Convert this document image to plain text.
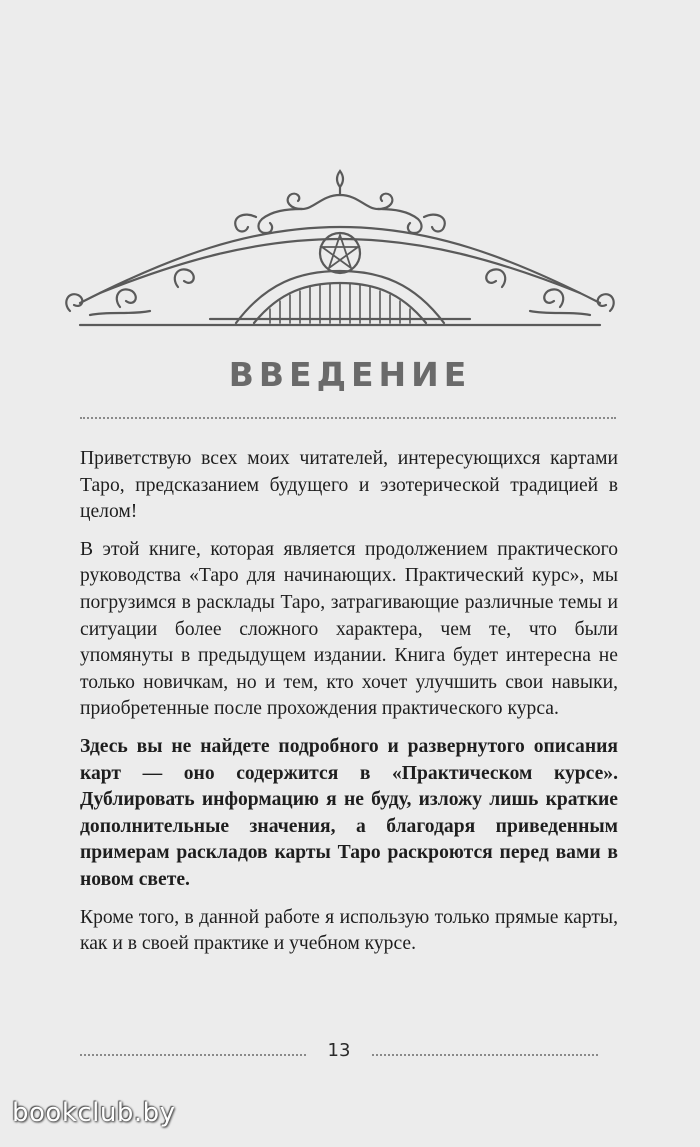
ВВЕДЕНИЕ

Приветствую всех моих читателей, интересующихся картами Таро, предсказанием будущего и эзотерической традицией в целом!

В этой книге, которая является продолжением практического руководства «Таро для начинающих. Практический курс», мы погрузимся в расклады Таро, затрагивающие различные темы и ситуации более сложного характера, чем те, что были упомянуты в предыдущем издании. Книга будет интересна не только новичкам, но и тем, кто хочет улучшить свои навыки, приобретенные после прохождения практического курса.

Здесь вы не найдете подробного и развернутого описания карт — оно содержится в «Практическом курсе». Дублировать информацию я не буду, изложу лишь краткие дополнительные значения, а благодаря приведенным примерам раскладов карты Таро раскроются перед вами в новом свете.

Кроме того, в данной работе я использую только прямые карты, как и в своей практике и учебном курсе.

13
bookclub.by
